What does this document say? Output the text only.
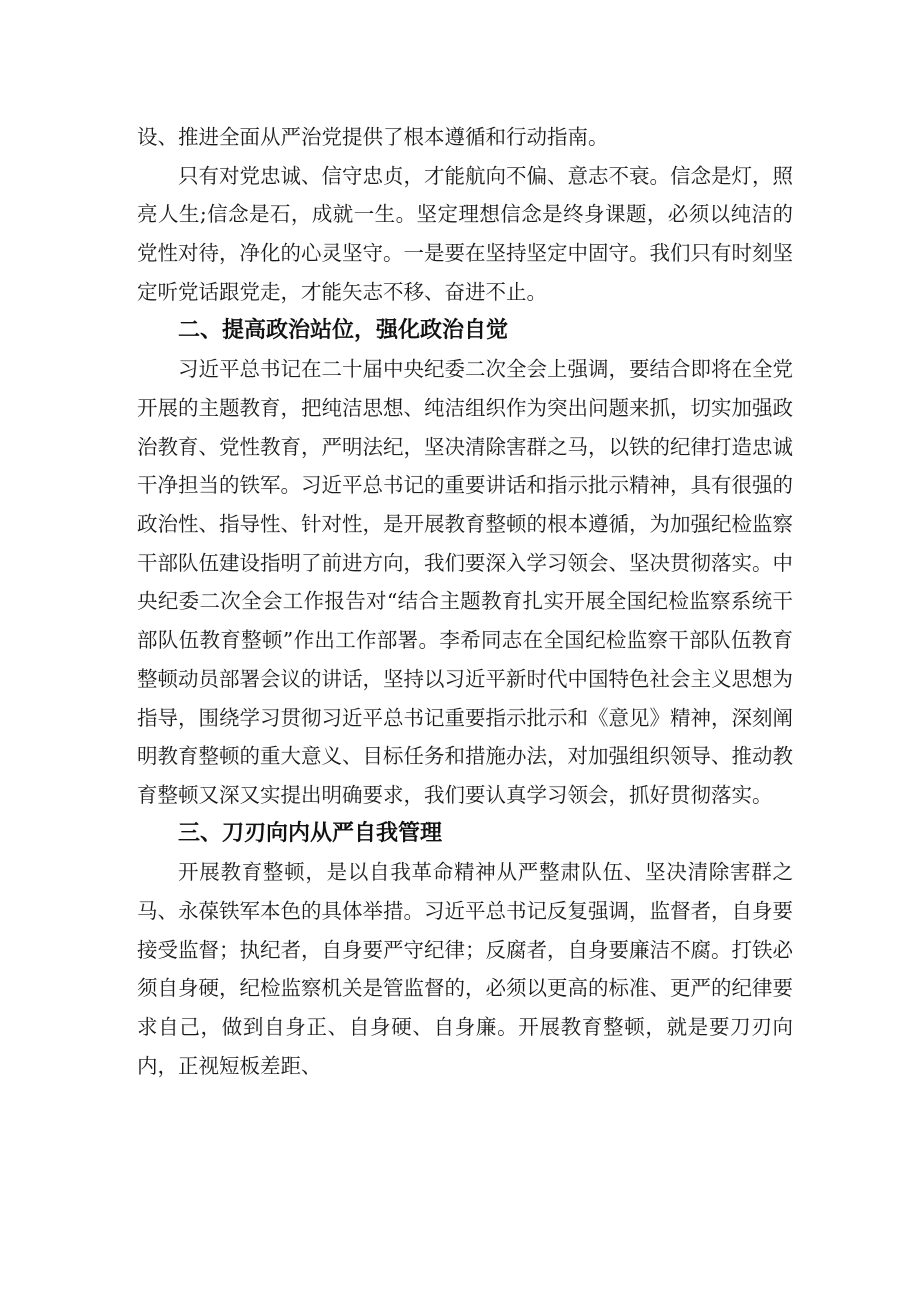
设、推进全面从严治党提供了根本遵循和行动指南。

只有对党忠诚、信守忠贞，才能航向不偏、意志不衰。信念是灯，照亮人生;信念是石，成就一生。坚定理想信念是终身课题，必须以纯洁的党性对待，净化的心灵坚守。一是要在坚持坚定中固守。我们只有时刻坚定听党话跟党走，才能矢志不移、奋进不止。

二、提高政治站位，强化政治自觉

习近平总书记在二十届中央纪委二次全会上强调，要结合即将在全党开展的主题教育，把纯洁思想、纯洁组织作为突出问题来抓，切实加强政治教育、党性教育，严明法纪，坚决清除害群之马，以铁的纪律打造忠诚干净担当的铁军。习近平总书记的重要讲话和指示批示精神，具有很强的政治性、指导性、针对性，是开展教育整顿的根本遵循，为加强纪检监察干部队伍建设指明了前进方向，我们要深入学习领会、坚决贯彻落实。中央纪委二次全会工作报告对“结合主题教育扎实开展全国纪检监察系统干部队伍教育整顿”作出工作部署。李希同志在全国纪检监察干部队伍教育整顿动员部署会议的讲话，坚持以习近平新时代中国特色社会主义思想为指导，围绕学习贯彻习近平总书记重要指示批示和《意见》精神，深刻阐明教育整顿的重大意义、目标任务和措施办法，对加强组织领导、推动教育整顿又深又实提出明确要求，我们要认真学习领会，抓好贯彻落实。

三、刀刃向内从严自我管理

开展教育整顿，是以自我革命精神从严整肃队伍、坚决清除害群之马、永葆铁军本色的具体举措。习近平总书记反复强调，监督者，自身要接受监督；执纪者，自身要严守纪律；反腐者，自身要廉洁不腐。打铁必须自身硬，纪检监察机关是管监督的，必须以更高的标准、更严的纪律要求自己，做到自身正、自身硬、自身廉。开展教育整顿，就是要刀刃向内，正视短板差距、
